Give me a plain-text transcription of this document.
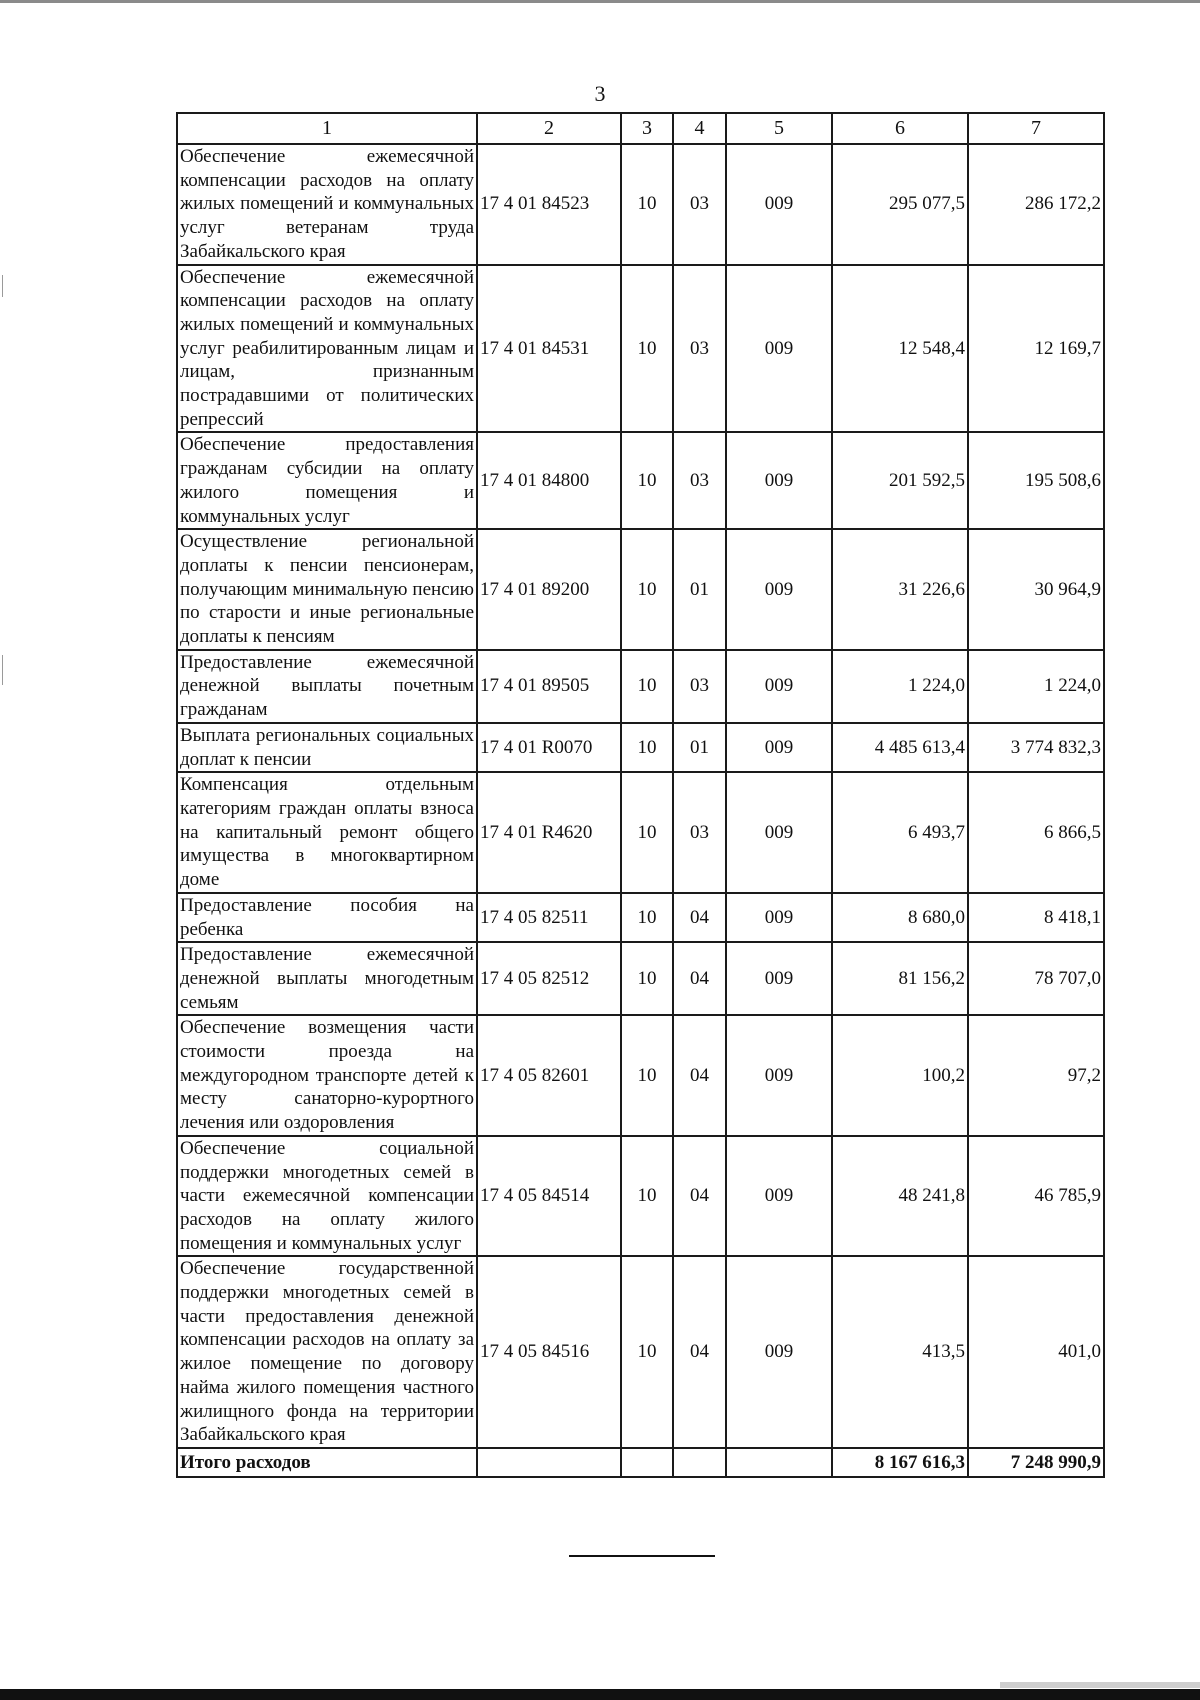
3
1	2	3	4	5	6	7
Обеспечение ежемесячной компенсации расходов на оплату жилых помещений и коммунальных услуг ветеранам труда Забайкальского края	17 4 01 84523	10	03	009	295 077,5	286 172,2
Обеспечение ежемесячной компенсации расходов на оплату жилых помещений и коммунальных услуг реабилитированным лицам и лицам, признанным пострадавшими от политических репрессий	17 4 01 84531	10	03	009	12 548,4	12 169,7
Обеспечение предоставления гражданам субсидии на оплату жилого помещения и коммунальных услуг	17 4 01 84800	10	03	009	201 592,5	195 508,6
Осуществление региональной доплаты к пенсии пенсионерам, получающим минимальную пенсию по старости и иные региональные доплаты к пенсиям	17 4 01 89200	10	01	009	31 226,6	30 964,9
Предоставление ежемесячной денежной выплаты почетным гражданам	17 4 01 89505	10	03	009	1 224,0	1 224,0
Выплата региональных социальных доплат к пенсии	17 4 01 R0070	10	01	009	4 485 613,4	3 774 832,3
Компенсация отдельным категориям граждан оплаты взноса на капитальный ремонт общего имущества в многоквартирном доме	17 4 01 R4620	10	03	009	6 493,7	6 866,5
Предоставление пособия на ребенка	17 4 05 82511	10	04	009	8 680,0	8 418,1
Предоставление ежемесячной денежной выплаты многодетным семьям	17 4 05 82512	10	04	009	81 156,2	78 707,0
Обеспечение возмещения части стоимости проезда на междугородном транспорте детей к месту санаторно-курортного лечения или оздоровления	17 4 05 82601	10	04	009	100,2	97,2
Обеспечение социальной поддержки многодетных семей в части ежемесячной компенсации расходов на оплату жилого помещения и коммунальных услуг	17 4 05 84514	10	04	009	48 241,8	46 785,9
Обеспечение государственной поддержки многодетных семей в части предоставления денежной компенсации расходов на оплату за жилое помещение по договору найма жилого помещения частного жилищного фонда на территории Забайкальского края	17 4 05 84516	10	04	009	413,5	401,0
Итого расходов					8 167 616,3	7 248 990,9
